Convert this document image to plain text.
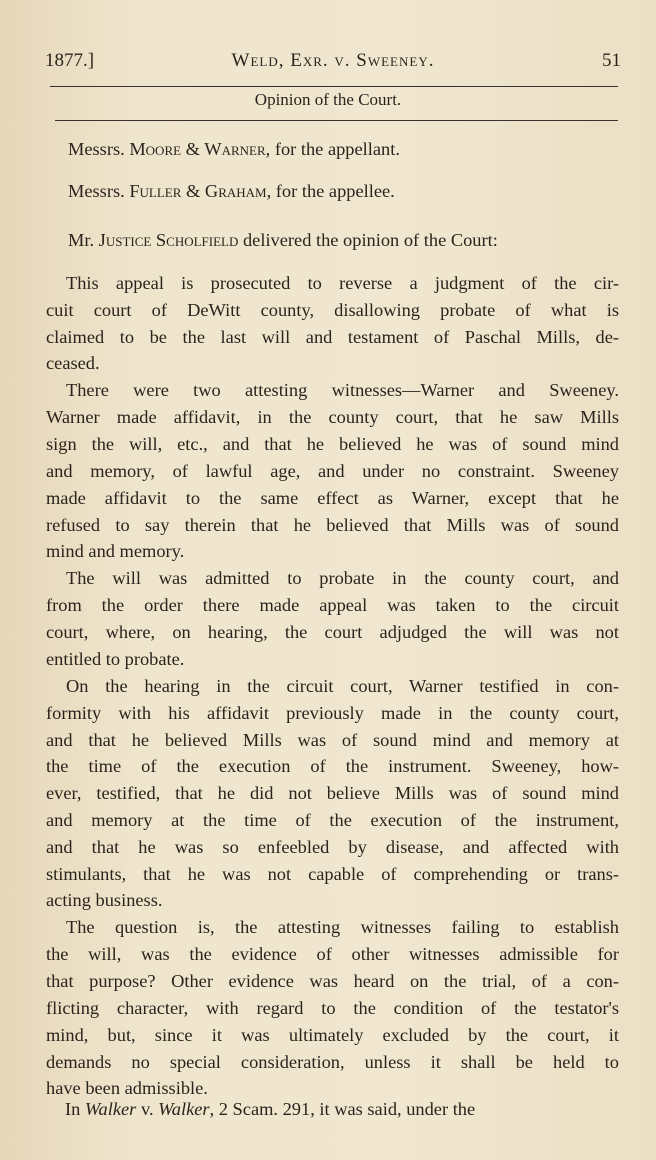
1877.]	Weld, Exr. v. Sweeney.	51
Opinion of the Court.
Messrs. Moore & Warner, for the appellant.
Messrs. Fuller & Graham, for the appellee.
Mr. Justice Scholfield delivered the opinion of the Court:
This appeal is prosecuted to reverse a judgment of the cir-
cuit court of DeWitt county, disallowing probate of what is
claimed to be the last will and testament of Paschal Mills, de-
ceased.
There were two attesting witnesses—Warner and Sweeney.
Warner made affidavit, in the county court, that he saw Mills
sign the will, etc., and that he believed he was of sound mind
and memory, of lawful age, and under no constraint. Sweeney
made affidavit to the same effect as Warner, except that he
refused to say therein that he believed that Mills was of sound
mind and memory.
The will was admitted to probate in the county court, and
from the order there made appeal was taken to the circuit
court, where, on hearing, the court adjudged the will was not
entitled to probate.
On the hearing in the circuit court, Warner testified in con-
formity with his affidavit previously made in the county court,
and that he believed Mills was of sound mind and memory at
the time of the execution of the instrument. Sweeney, how-
ever, testified, that he did not believe Mills was of sound mind
and memory at the time of the execution of the instrument,
and that he was so enfeebled by disease, and affected with
stimulants, that he was not capable of comprehending or trans-
acting business.
The question is, the attesting witnesses failing to establish
the will, was the evidence of other witnesses admissible for
that purpose? Other evidence was heard on the trial, of a con-
flicting character, with regard to the condition of the testator's
mind, but, since it was ultimately excluded by the court, it
demands no special consideration, unless it shall be held to
have been admissible.
In Walker v. Walker, 2 Scam. 291, it was said, under the
